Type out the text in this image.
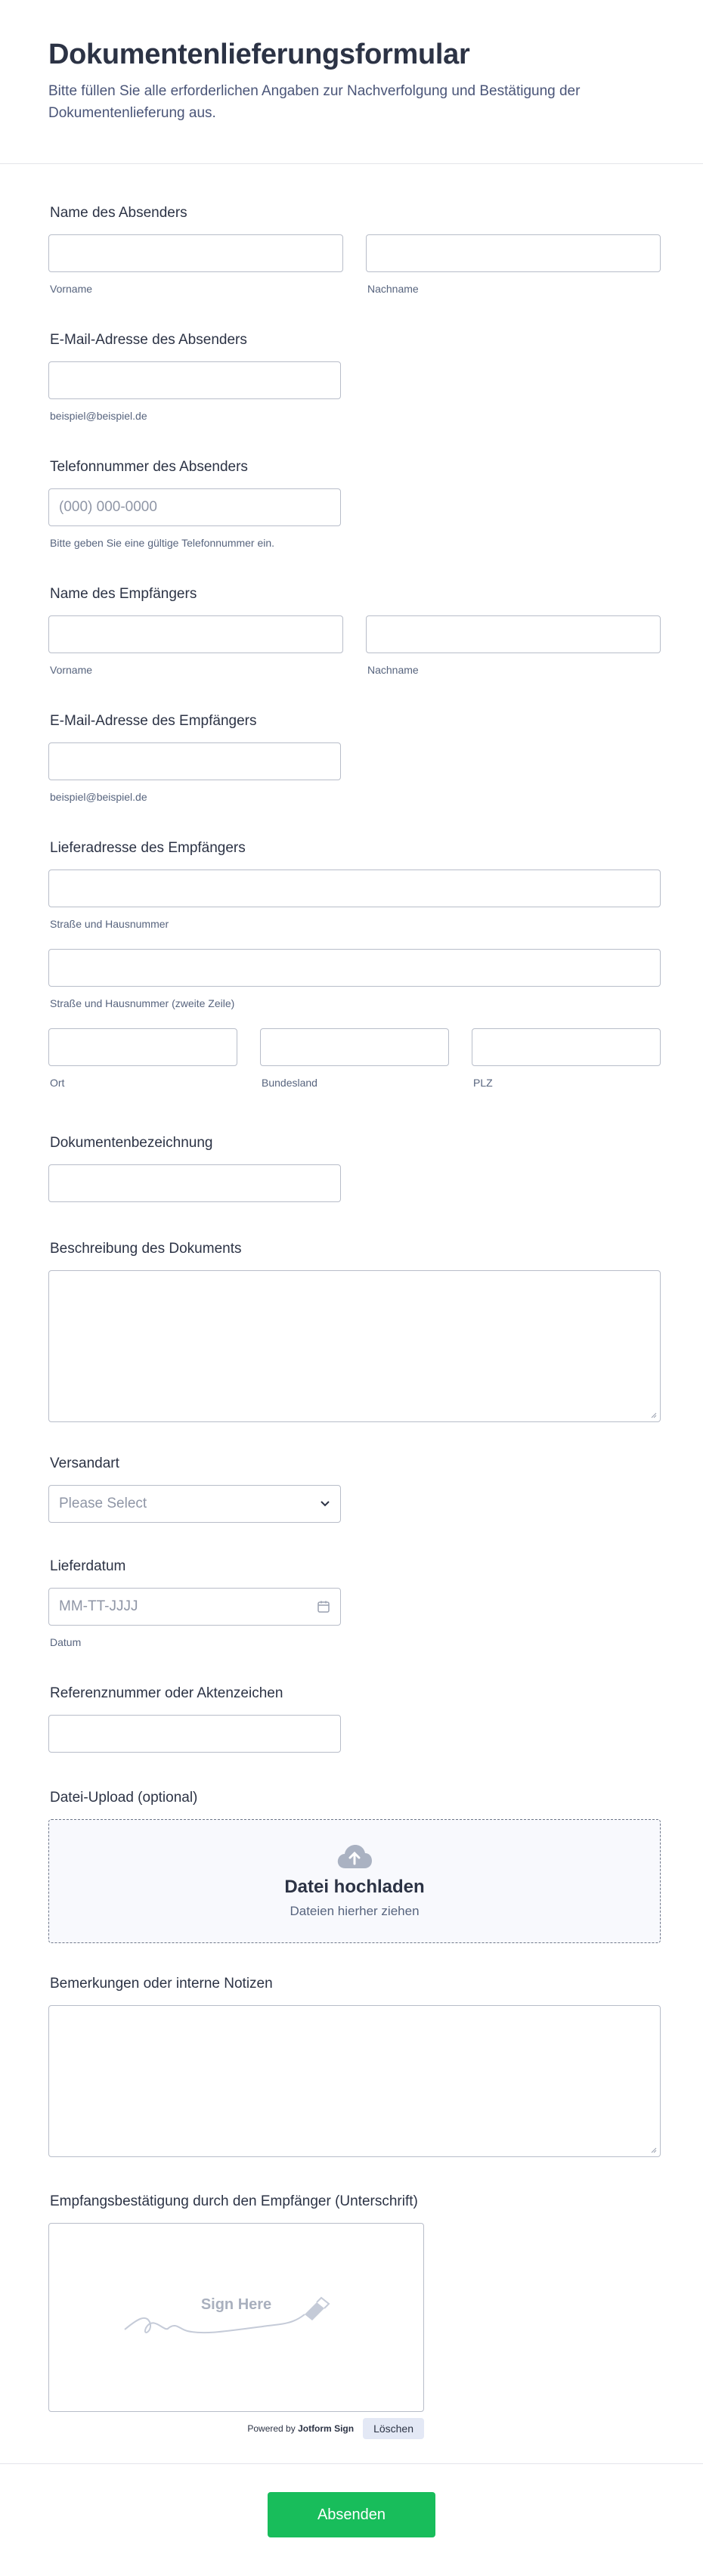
Dokumentenlieferungsformular

Bitte füllen Sie alle erforderlichen Angaben zur Nachverfolgung und Bestätigung der Dokumentenlieferung aus.

Name des Absenders
Vorname	Nachname
E-Mail-Adresse des Absenders
beispiel@beispiel.de
Telefonnummer des Absenders
(000) 000-0000
Bitte geben Sie eine gültige Telefonnummer ein.
Name des Empfängers
Vorname	Nachname
E-Mail-Adresse des Empfängers
beispiel@beispiel.de
Lieferadresse des Empfängers
Straße und Hausnummer
Straße und Hausnummer (zweite Zeile)
Ort	Bundesland	PLZ
Dokumentenbezeichnung
Beschreibung des Dokuments
Versandart
Please Select
Lieferdatum
MM-TT-JJJJ
Datum
Referenznummer oder Aktenzeichen
Datei-Upload (optional)
Datei hochladen
Dateien hierher ziehen
Bemerkungen oder interne Notizen
Empfangsbestätigung durch den Empfänger (Unterschrift)
Sign Here
Powered by Jotform Sign	Löschen
Absenden
